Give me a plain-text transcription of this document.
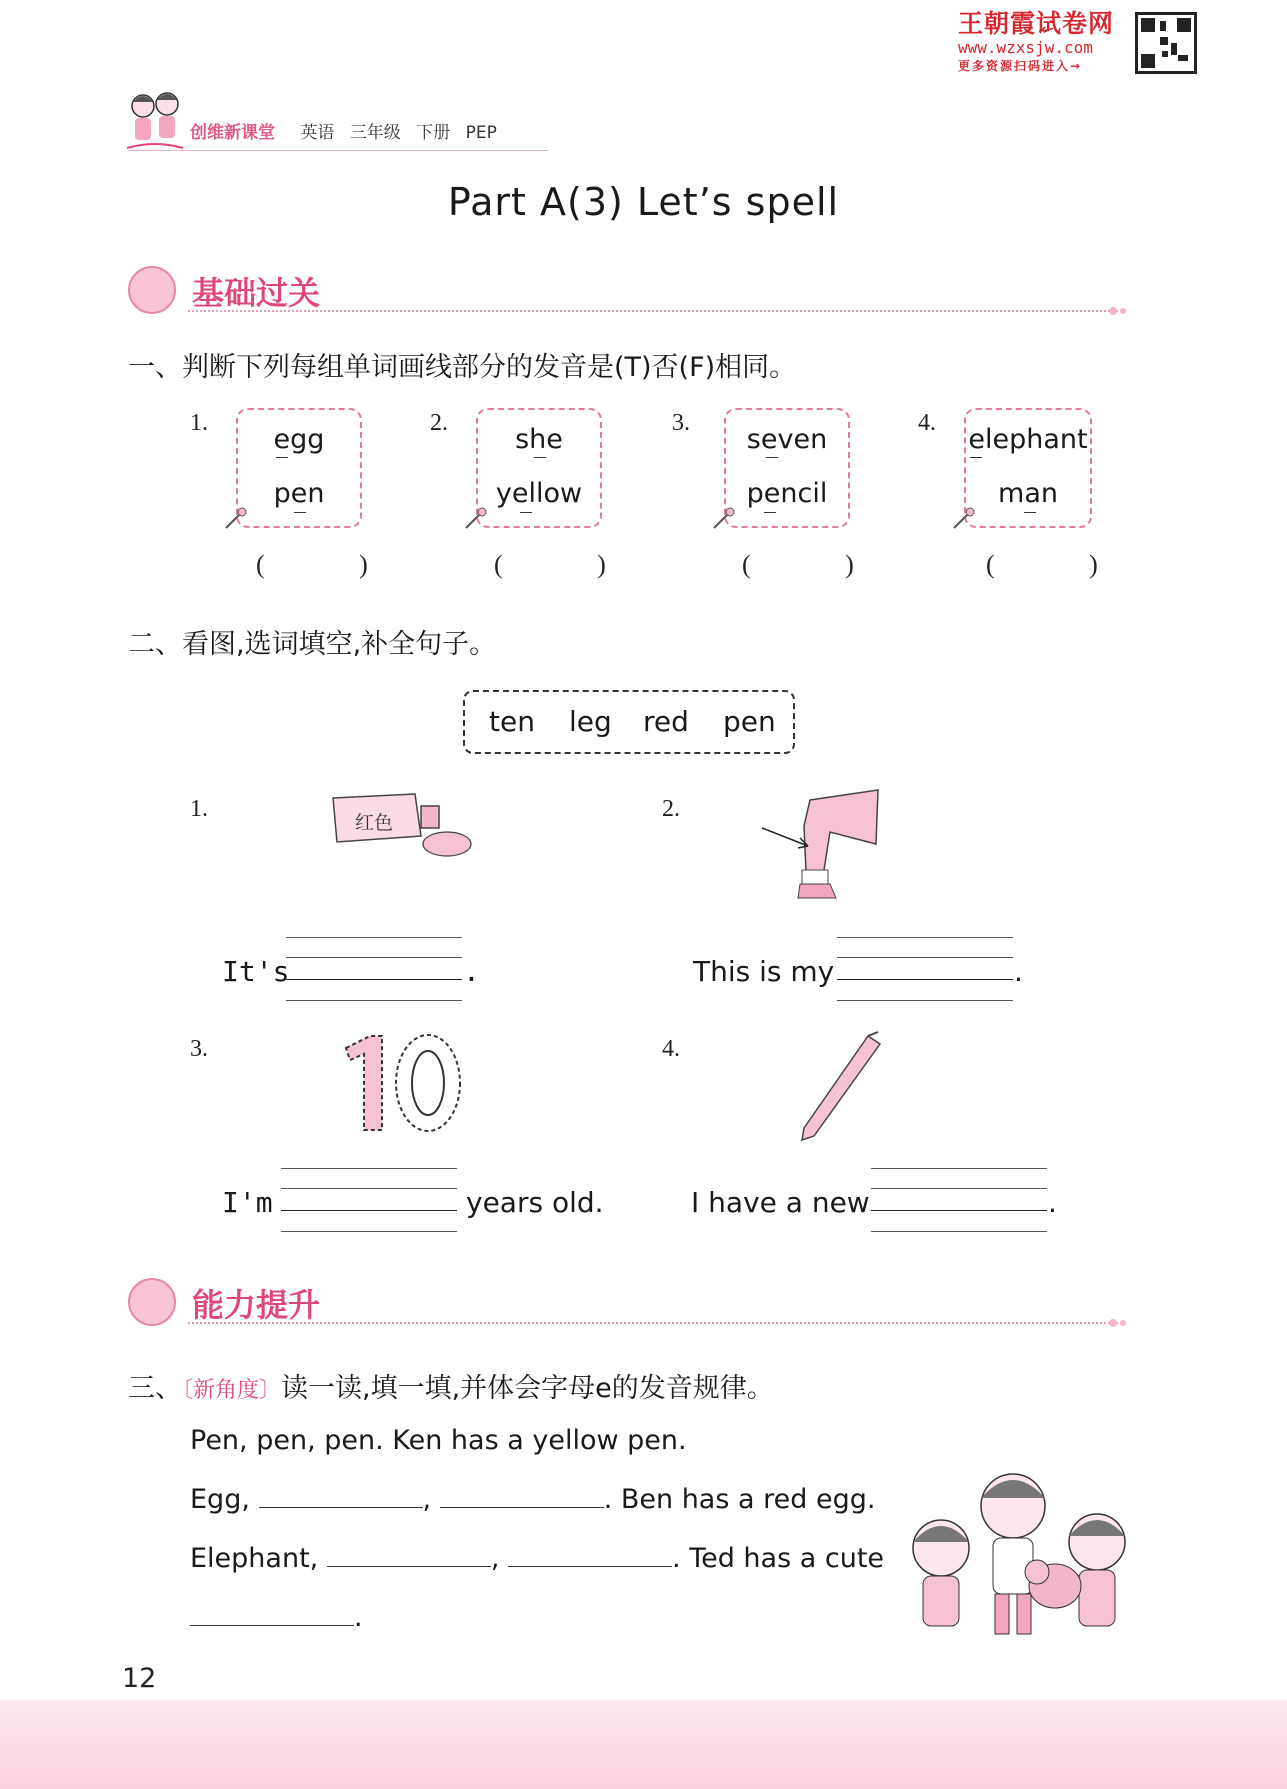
王朝霞试卷网
www.wzxsjw.com
更多资源扫码进入→
创维新课堂 英语 三年级 下册 PEP
Part A(3) Let’s spell
基础过关
一、判断下列每组单词画线部分的发音是(T)否(F)相同。
1.
egg
pen
( )
2.
she
yellow
( )
3.
seven
pencil
( )
4.
elephant
man
( )
二、看图,选词填空,补全句子。
ten leg red pen
1.
红色
It's	.
2.
This is my	.
3.
I'm	years old.
4.
I have a new	.
能力提升
三、〔新角度〕读一读,填一填,并体会字母e的发音规律。
Pen, pen, pen. Ken has a yellow pen.
Egg,	,	. Ben has a red egg.
Elephant,	,	. Ted has a cute
.
12
